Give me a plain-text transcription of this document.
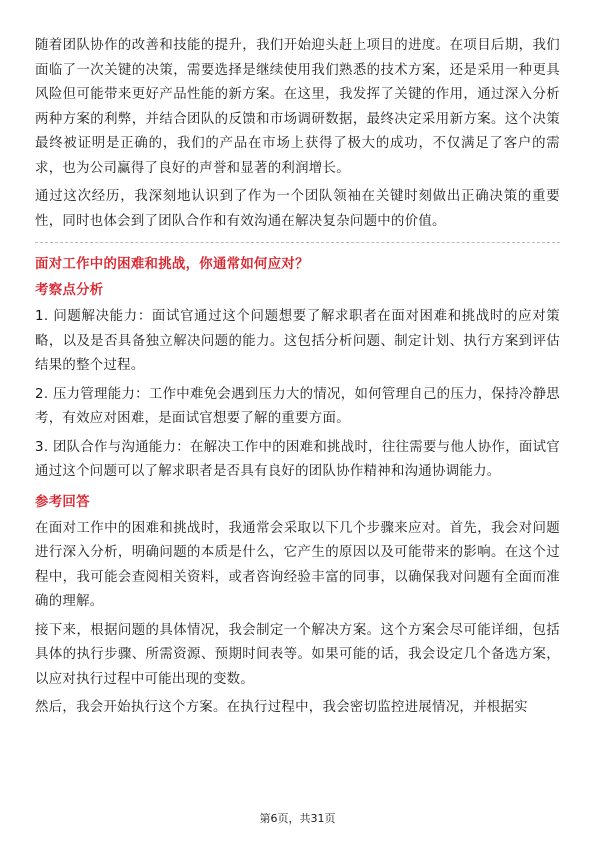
随着团队协作的改善和技能的提升，我们开始迎头赶上项目的进度。在项目后期，我们面临了一次关键的决策，需要选择是继续使用我们熟悉的技术方案，还是采用一种更具风险但可能带来更好产品性能的新方案。在这里，我发挥了关键的作用，通过深入分析两种方案的利弊，并结合团队的反馈和市场调研数据，最终决定采用新方案。这个决策最终被证明是正确的，我们的产品在市场上获得了极大的成功，不仅满足了客户的需求，也为公司赢得了良好的声誉和显著的利润增长。

通过这次经历，我深刻地认识到了作为一个团队领袖在关键时刻做出正确决策的重要性，同时也体会到了团队合作和有效沟通在解决复杂问题中的价值。

面对工作中的困难和挑战，你通常如何应对？
考察点分析

1. 问题解决能力：面试官通过这个问题想要了解求职者在面对困难和挑战时的应对策略，以及是否具备独立解决问题的能力。这包括分析问题、制定计划、执行方案到评估结果的整个过程。

2. 压力管理能力：工作中难免会遇到压力大的情况，如何管理自己的压力，保持冷静思考，有效应对困难，是面试官想要了解的重要方面。

3. 团队合作与沟通能力：在解决工作中的困难和挑战时，往往需要与他人协作，面试官通过这个问题可以了解求职者是否具有良好的团队协作精神和沟通协调能力。

参考回答

在面对工作中的困难和挑战时，我通常会采取以下几个步骤来应对。首先，我会对问题进行深入分析，明确问题的本质是什么，它产生的原因以及可能带来的影响。在这个过程中，我可能会查阅相关资料，或者咨询经验丰富的同事，以确保我对问题有全面而准确的理解。

接下来，根据问题的具体情况，我会制定一个解决方案。这个方案会尽可能详细，包括具体的执行步骤、所需资源、预期时间表等。如果可能的话，我会设定几个备选方案，以应对执行过程中可能出现的变数。

然后，我会开始执行这个方案。在执行过程中，我会密切监控进展情况，并根据实

第6页，共31页
